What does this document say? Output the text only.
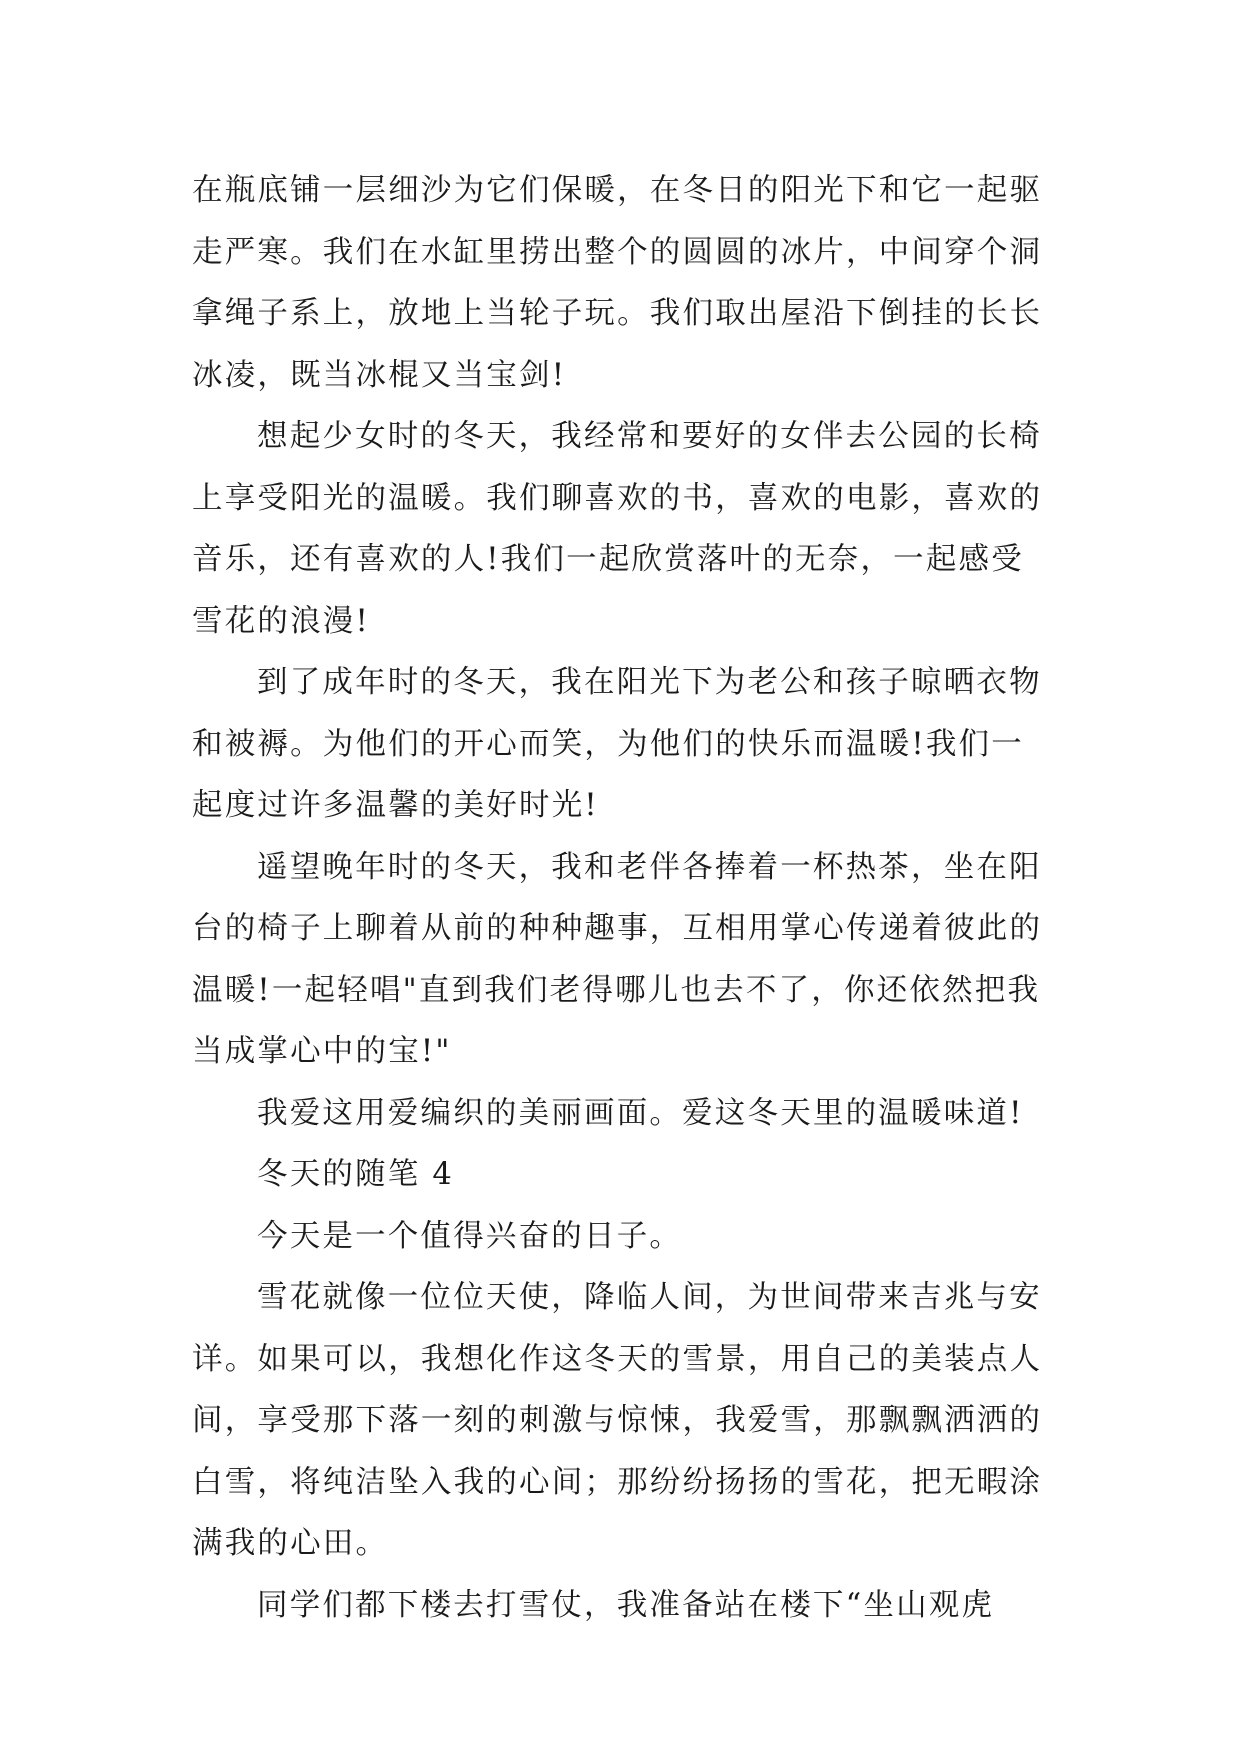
在瓶底铺一层细沙为它们保暖，在冬日的阳光下和它一起驱
走严寒。我们在水缸里捞出整个的圆圆的冰片，中间穿个洞
拿绳子系上，放地上当轮子玩。我们取出屋沿下倒挂的长长
冰凌，既当冰棍又当宝剑!
想起少女时的冬天，我经常和要好的女伴去公园的长椅
上享受阳光的温暖。我们聊喜欢的书，喜欢的电影，喜欢的
音乐，还有喜欢的人!我们一起欣赏落叶的无奈，一起感受
雪花的浪漫!
到了成年时的冬天，我在阳光下为老公和孩子晾晒衣物
和被褥。为他们的开心而笑，为他们的快乐而温暖!我们一
起度过许多温馨的美好时光!
遥望晚年时的冬天，我和老伴各捧着一杯热茶，坐在阳
台的椅子上聊着从前的种种趣事，互相用掌心传递着彼此的
温暖!一起轻唱"直到我们老得哪儿也去不了，你还依然把我
当成掌心中的宝!"
我爱这用爱编织的美丽画面。爱这冬天里的温暖味道!
冬天的随笔 4
今天是一个值得兴奋的日子。
雪花就像一位位天使，降临人间，为世间带来吉兆与安
详。如果可以，我想化作这冬天的雪景，用自己的美装点人
间，享受那下落一刻的刺激与惊悚，我爱雪，那飘飘洒洒的
白雪，将纯洁坠入我的心间；那纷纷扬扬的雪花，把无暇涂
满我的心田。
同学们都下楼去打雪仗，我准备站在楼下“坐山观虎
